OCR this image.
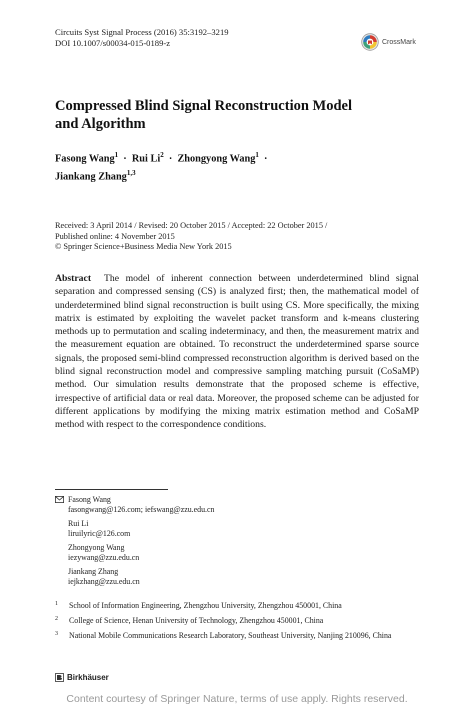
Circuits Syst Signal Process (2016) 35:3192–3219
DOI 10.1007/s00034-015-0189-z	CrossMark
Compressed Blind Signal Reconstruction Model
and Algorithm
Fasong Wang$^1$  ·  Rui Li$^2$  ·  Zhongyong Wang$^1$  ·
Jiankang Zhang$^{1,3}$
Received: 3 April 2014 / Revised: 20 October 2015 / Accepted: 22 October 2015 /
Published online: 4 November 2015
© Springer Science+Business Media New York 2015
Abstract The model of inherent connection between underdetermined blind signal separation and compressed sensing (CS) is analyzed first; then, the mathematical model of underdetermined blind signal reconstruction is built using CS. More specifically, the mixing matrix is estimated by exploiting the wavelet packet transform and k-means clustering methods up to permutation and scaling indeterminacy, and then, the measurement matrix and the measurement equation are obtained. To reconstruct the underdetermined sparse source signals, the proposed semi-blind compressed reconstruction algorithm is derived based on the blind signal reconstruction model and compressive sampling matching pursuit (CoSaMP) method. Our simulation results demonstrate that the proposed scheme is effective, irrespective of artificial data or real data. Moreover, the proposed scheme can be adjusted for different applications by modifying the mixing matrix estimation method and CoSaMP method with respect to the correspondence conditions.
Fasong Wang
fasongwang@126.com; iefswang@zzu.edu.cn
Rui Li
liruilyric@126.com
Zhongyong Wang
iezywang@zzu.edu.cn
Jiankang Zhang
iejkzhang@zzu.edu.cn
1 School of Information Engineering, Zhengzhou University, Zhengzhou 450001, China
2 College of Science, Henan University of Technology, Zhengzhou 450001, China
3 National Mobile Communications Research Laboratory, Southeast University, Nanjing 210096, China
Birkhäuser
Content courtesy of Springer Nature, terms of use apply. Rights reserved.
